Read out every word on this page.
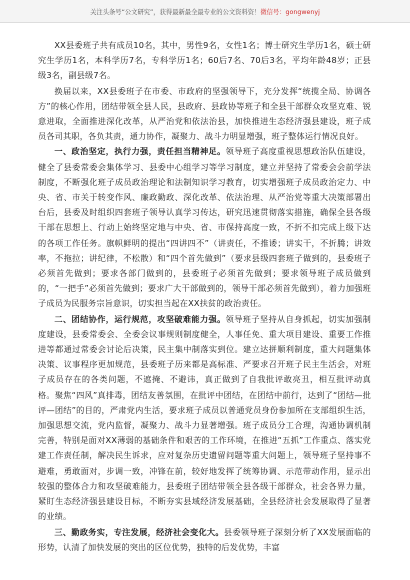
关注头条号“公文研究”，获得最新最全最专业的公文资料资！ 微信号：gongwenyj

XX县委班子共有成员10名，其中，男性9名，女性1名；博士研究生学历1名，硕士研究生学历1名，本科学历7名，专科学历1名；60后7名、70后3名，平均年龄48岁；正县级3名，副县级7名。

换届以来，XX县委班子在市委、市政府的坚强领导下，充分发挥“统揽全局、协调各方”的核心作用，团结带领全县人民，县政府、县政协等班子和全县干部群众攻坚克难、锐意进取，全面推进深化改革，从严治党和依法治县，加快推进生态经济强县建设，班子成员各司其职，各负其责，通力协作，凝聚力、战斗力明显增强，班子整体运行情况良好。

一、政治坚定，执行力强，责任担当精神足。领导班子高度重视思想政治队伍建设，健全了县委常委会集体学习、县委中心组学习等学习制度，建立并坚持了常委会会前学法制度，不断强化班子成员政治理论和法制知识学习教育，切实增强班子成员政治定力、中央、省、市关于转变作风、廉政勤政、深化改革、依法治理、从严治党等重大决策部署出台后，县委及时组织四套班子领导认真学习传达，研究迅速贯彻落实措施，确保全县各级干部在思想上、行动上始终坚定地与中央、省、市保持高度一致，不折不扣完成上级下达的各项工作任务。旗帜鲜明的提出“四讲四不”（讲责任，不推诿；讲实干，不折腾；讲效率，不拖拉；讲纪律，不松散）和“四个首先做到”（要求县级四套班子做到的，县委班子必须首先做到；要求各部门做到的，县委班子必须首先做到；要求领导班子成员做到的，“一把手”必须首先做到；要求广大干部做到的，领导干部必须首先做到），着力加强班子成员为民服务宗旨意识，切实担当起在XX扶贫的政治责任。

二、团结协作，运行规范，攻坚破难能力强。领导班子坚持从自身抓起，切实加强制度建设，县委常委会、全委会议事规则制度健全，人事任免、重大项目建设、重要工作推进等都通过常委会讨论后决策，民主集中制落实到位。建立达拼顺利制度，重大问题集体决策、议事程序更加规范，县委班子历来都是高标准、严要求召开班子民主生活会，对班子成员存在的各类问题，不遮掩、不避讳，真正做到了自我批评敢亮丑，相互批评动真格。聚焦“四风”真排毒，团结友善氛围，在批评中团结，在团结中前行，达到了“团结—批评—团结”的目的，严肃党内生活，要求班子成员以普通党员身份参加所在支部组织生活，加强思想交流，党内监督，凝聚力、战斗力显著增强。班子成员分工合理，沟通协调机制完善，特别是面对XX薄弱的基础条件和艰苦的工作环境，在推进“五抓”工作重点、落实党建工作责任制，解决民生诉求，应对复杂历史遗留问题等重大问题上，领导班子坚持事不避难，勇敢面对，步调一致，冲锋在前，较好地发挥了统筹协调、示范带动作用，显示出较强的整体合力和攻坚破难能力，县委班子团结带领全县各级干部群众，社会各界力量，紧盯生态经济强县建设目标，不断夯实县域经济发展基础，全县经济社会发展取得了显著的业绩。

三、勤政务实，专注发展，经济社会变化大。县委领导班子深刻分析了XX发展面临的形势，认清了加快发展的突出的区位优势，独特的后发优势，丰富
